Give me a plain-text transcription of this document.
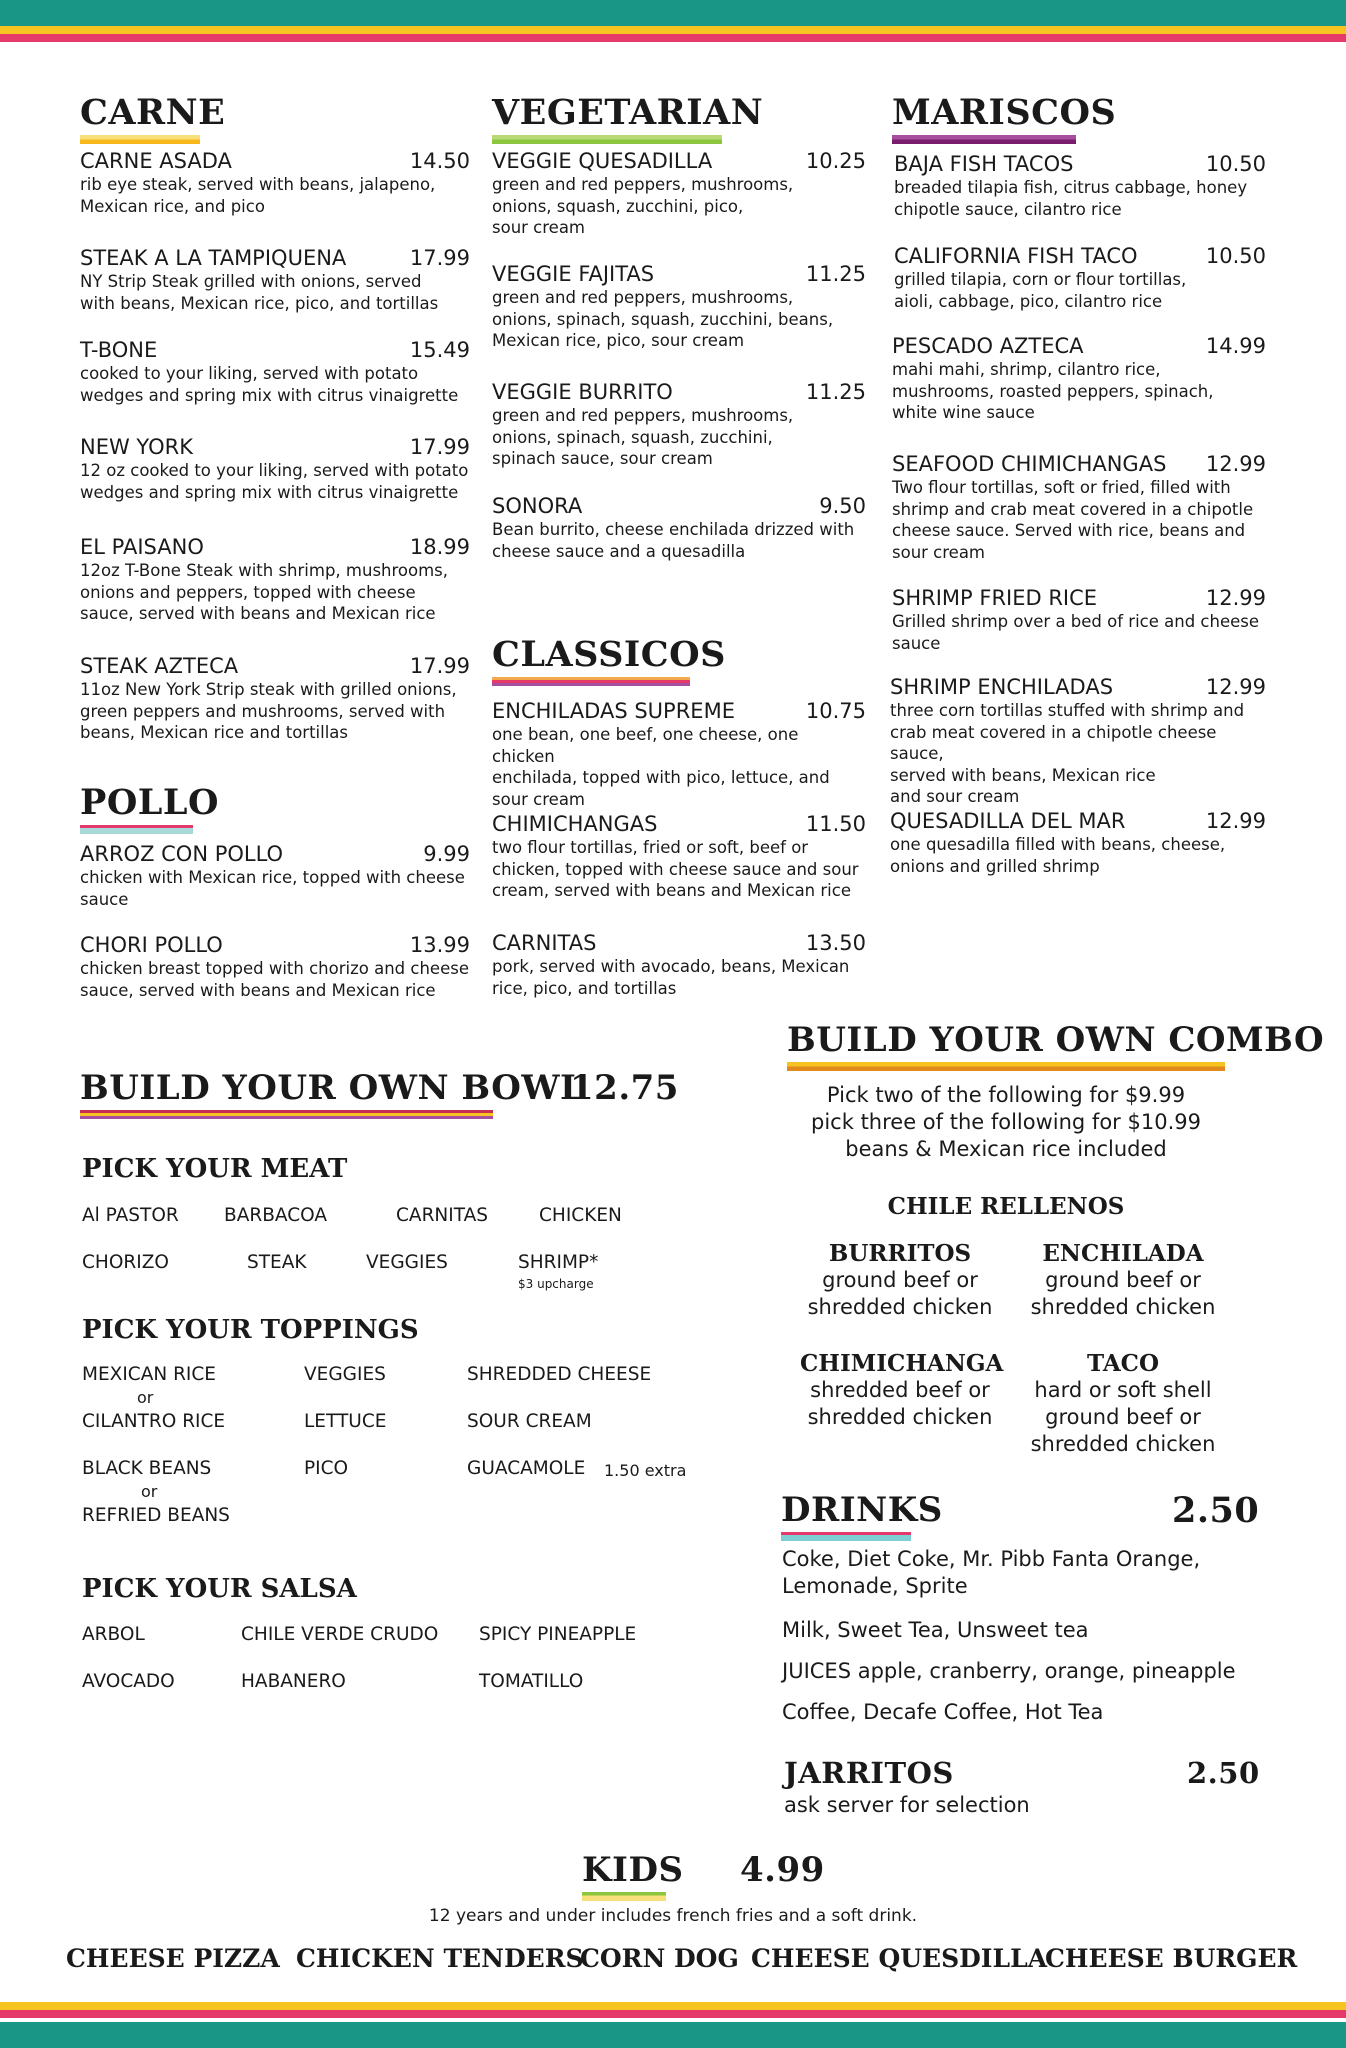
CARNE
CARNE ASADA	14.50
rib eye steak, served with beans, jalapeno,
Mexican rice, and pico
STEAK A LA TAMPIQUENA	17.99
NY Strip Steak grilled with onions, served
with beans, Mexican rice, pico, and tortillas
T-BONE	15.49
cooked to your liking, served with potato
wedges and spring mix with citrus vinaigrette
NEW YORK	17.99
12 oz cooked to your liking, served with potato
wedges and spring mix with citrus vinaigrette
EL PAISANO	18.99
12oz T-Bone Steak with shrimp, mushrooms,
onions and peppers, topped with cheese
sauce, served with beans and Mexican rice
STEAK AZTECA	17.99
11oz New York Strip steak with grilled onions,
green peppers and mushrooms, served with
beans, Mexican rice and tortillas
POLLO
ARROZ CON POLLO	9.99
chicken with Mexican rice, topped with cheese
sauce
CHORI POLLO	13.99
chicken breast topped with chorizo and cheese
sauce, served with beans and Mexican rice
VEGETARIAN
VEGGIE QUESADILLA	10.25
green and red peppers, mushrooms,
onions, squash, zucchini, pico,
sour cream
VEGGIE FAJITAS	11.25
green and red peppers, mushrooms,
onions, spinach, squash, zucchini, beans,
Mexican rice, pico, sour cream
VEGGIE BURRITO	11.25
green and red peppers, mushrooms,
onions, spinach, squash, zucchini,
spinach sauce, sour cream
SONORA	9.50
Bean burrito, cheese enchilada drizzed with
cheese sauce and a quesadilla
CLASSICOS
ENCHILADAS SUPREME	10.75
one bean, one beef, one cheese, one chicken
enchilada, topped with pico, lettuce, and
sour cream
CHIMICHANGAS	11.50
two flour tortillas, fried or soft, beef or
chicken, topped with cheese sauce and sour
cream, served with beans and Mexican rice
CARNITAS	13.50
pork, served with avocado, beans, Mexican
rice, pico, and tortillas
MARISCOS
BAJA FISH TACOS	10.50
breaded tilapia fish, citrus cabbage, honey
chipotle sauce, cilantro rice
CALIFORNIA FISH TACO	10.50
grilled tilapia, corn or flour tortillas,
aioli, cabbage, pico, cilantro rice
PESCADO AZTECA	14.99
mahi mahi, shrimp, cilantro rice,
mushrooms, roasted peppers, spinach,
white wine sauce
SEAFOOD CHIMICHANGAS 12.99
Two flour tortillas, soft or fried, filled with
shrimp and crab meat covered in a chipotle
cheese sauce. Served with rice, beans and
sour cream
SHRIMP FRIED RICE	12.99
Grilled shrimp over a bed of rice and cheese
sauce
SHRIMP ENCHILADAS	12.99
three corn tortillas stuffed with shrimp and
crab meat covered in a chipotle cheese sauce,
served with beans, Mexican rice
and sour cream
QUESADILLA DEL MAR	12.99
one quesadilla filled with beans, cheese,
onions and grilled shrimp
BUILD YOUR OWN BOWL
12.75
PICK YOUR MEAT
Al PASTOR BARBACOA	CARNITAS	CHICKEN
CHORIZO	STEAK	VEGGIES	SHRIMP*
$3 upcharge
PICK YOUR TOPPINGS
MEXICAN RICE
or
CILANTRO RICE
BLACK BEANS
or
REFRIED BEANS
VEGGIES
LETTUCE
PICO
SHREDDED CHEESE
SOUR CREAM
GUACAMOLE 1.50 extra
PICK YOUR SALSA
ARBOL	CHILE VERDE CRUDO SPICY PINEAPPLE
AVOCADO	HABANERO	TOMATILLO
BUILD YOUR OWN COMBO
Pick two of the following for $9.99
pick three of the following for $10.99
beans & Mexican rice included
CHILE RELLENOS
BURRITOS
ground beef or
shredded chicken
ENCHILADA
ground beef or
shredded chicken
CHIMICHANGA
shredded beef or
shredded chicken
TACO
hard or soft shell
ground beef or
shredded chicken
DRINKS	2.50
Coke, Diet Coke, Mr. Pibb Fanta Orange,
Lemonade, Sprite
Milk, Sweet Tea, Unsweet tea
JUICES apple, cranberry, orange, pineapple
Coffee, Decafe Coffee, Hot Tea
JARRITOS	2.50
ask server for selection
KIDS 4.99
12 years and under includes french fries and a soft drink.
CHEESE PIZZA CHICKEN TENDERS
CORN DOG CHEESE QUESDILLA
CHEESE BURGER
